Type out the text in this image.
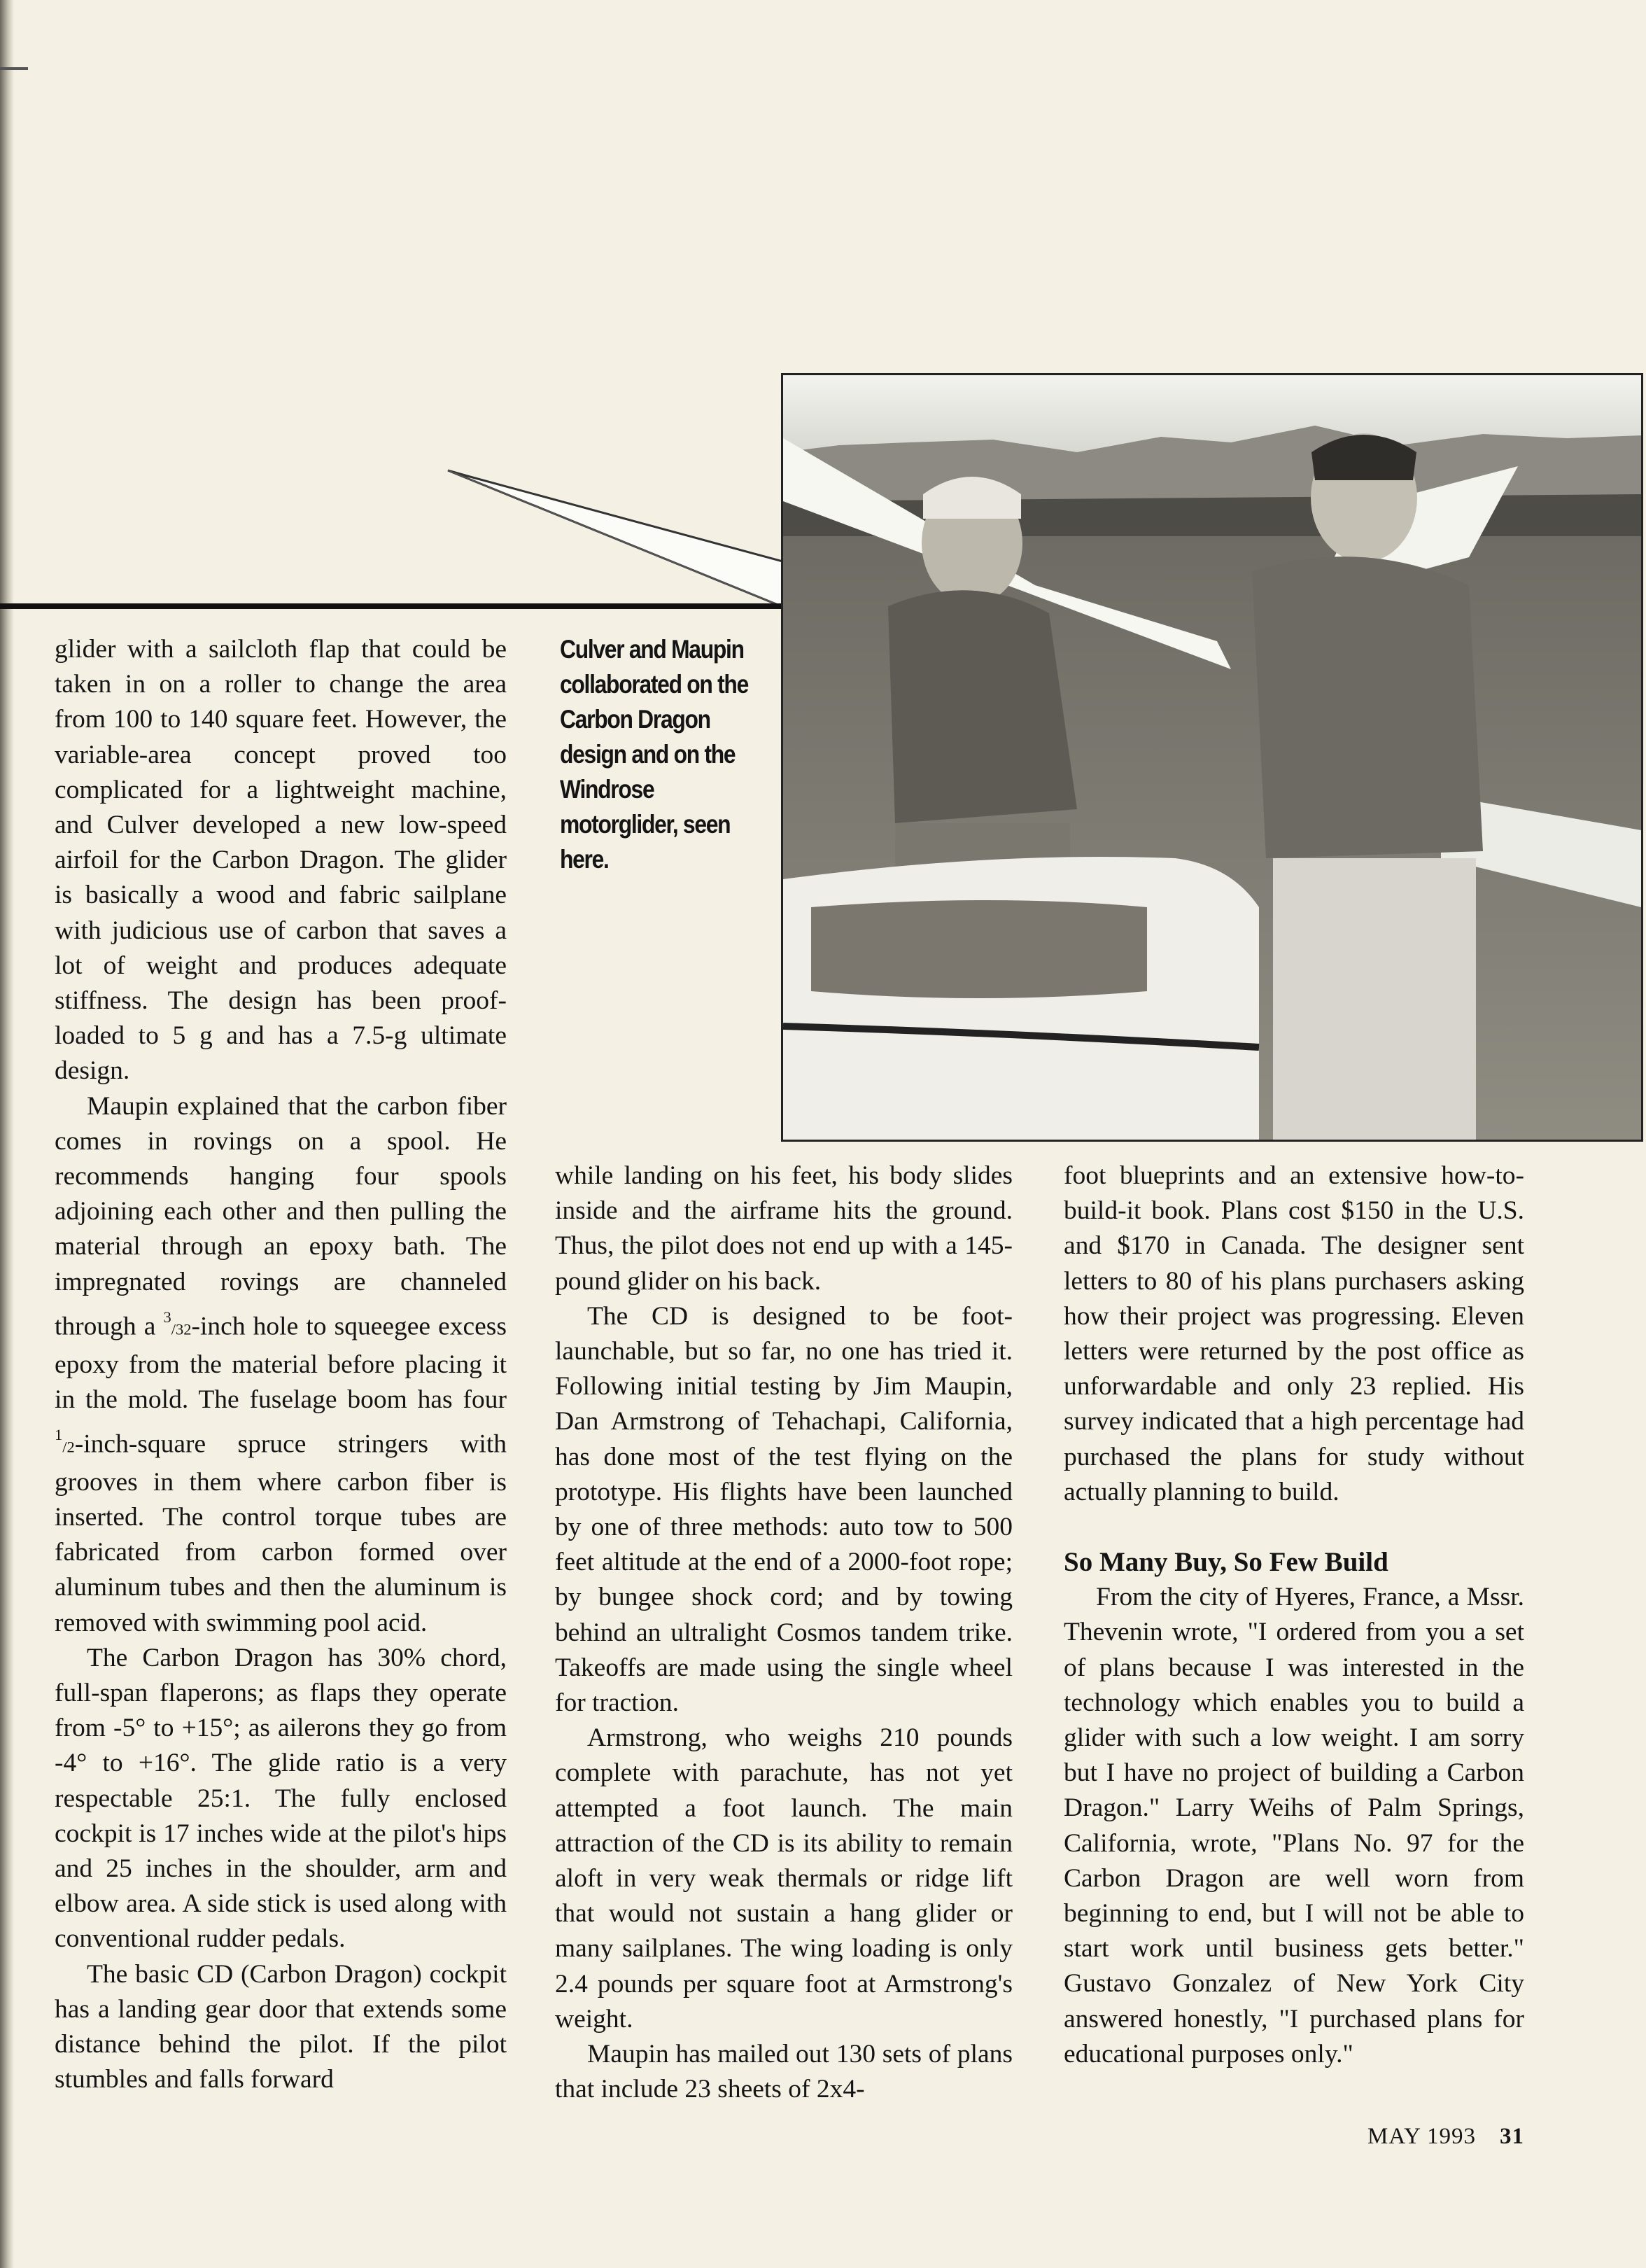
Culver and Maupin collaborated on the Carbon Dragon design and on the Windrose motorglider, seen here.

glider with a sailcloth flap that could be taken in on a roller to change the area from 100 to 140 square feet. However, the variable-area concept proved too complicated for a lightweight machine, and Culver developed a new low-speed airfoil for the Carbon Dragon. The glider is basically a wood and fabric sailplane with judicious use of carbon that saves a lot of weight and produces adequate stiffness. The design has been proof-loaded to 5 g and has a 7.5-g ultimate design.

Maupin explained that the carbon fiber comes in rovings on a spool. He recommends hanging four spools adjoining each other and then pulling the material through an epoxy bath. The impregnated rovings are channeled through a $^3$/32-inch hole to squeegee excess epoxy from the material before placing it in the mold. The fuselage boom has four $^1$/2-inch-square spruce stringers with grooves in them where carbon fiber is inserted. The control torque tubes are fabricated from carbon formed over aluminum tubes and then the aluminum is removed with swimming pool acid.

The Carbon Dragon has 30% chord, full-span flaperons; as flaps they operate from -5° to +15°; as ailerons they go from -4° to +16°. The glide ratio is a very respectable 25:1. The fully enclosed cockpit is 17 inches wide at the pilot's hips and 25 inches in the shoulder, arm and elbow area. A side stick is used along with conventional rudder pedals.

The basic CD (Carbon Dragon) cockpit has a landing gear door that extends some distance behind the pilot. If the pilot stumbles and falls forward

while landing on his feet, his body slides inside and the airframe hits the ground. Thus, the pilot does not end up with a 145-pound glider on his back.

The CD is designed to be foot-launchable, but so far, no one has tried it. Following initial testing by Jim Maupin, Dan Armstrong of Tehachapi, California, has done most of the test flying on the prototype. His flights have been launched by one of three methods: auto tow to 500 feet altitude at the end of a 2000-foot rope; by bungee shock cord; and by towing behind an ultralight Cosmos tandem trike. Takeoffs are made using the single wheel for traction.

Armstrong, who weighs 210 pounds complete with parachute, has not yet attempted a foot launch. The main attraction of the CD is its ability to remain aloft in very weak thermals or ridge lift that would not sustain a hang glider or many sailplanes. The wing loading is only 2.4 pounds per square foot at Armstrong's weight.

Maupin has mailed out 130 sets of plans that include 23 sheets of 2x4-

foot blueprints and an extensive how-to-build-it book. Plans cost $150 in the U.S. and $170 in Canada. The designer sent letters to 80 of his plans purchasers asking how their project was progressing. Eleven letters were returned by the post office as unforwardable and only 23 replied. His survey indicated that a high percentage had purchased the plans for study without actually planning to build.

So Many Buy, So Few Build

From the city of Hyeres, France, a Mssr. Thevenin wrote, "I ordered from you a set of plans because I was interested in the technology which enables you to build a glider with such a low weight. I am sorry but I have no project of building a Carbon Dragon." Larry Weihs of Palm Springs, California, wrote, "Plans No. 97 for the Carbon Dragon are well worn from beginning to end, but I will not be able to start work until business gets better." Gustavo Gonzalez of New York City answered honestly, "I purchased plans for educational purposes only."

MAY 1993 31
